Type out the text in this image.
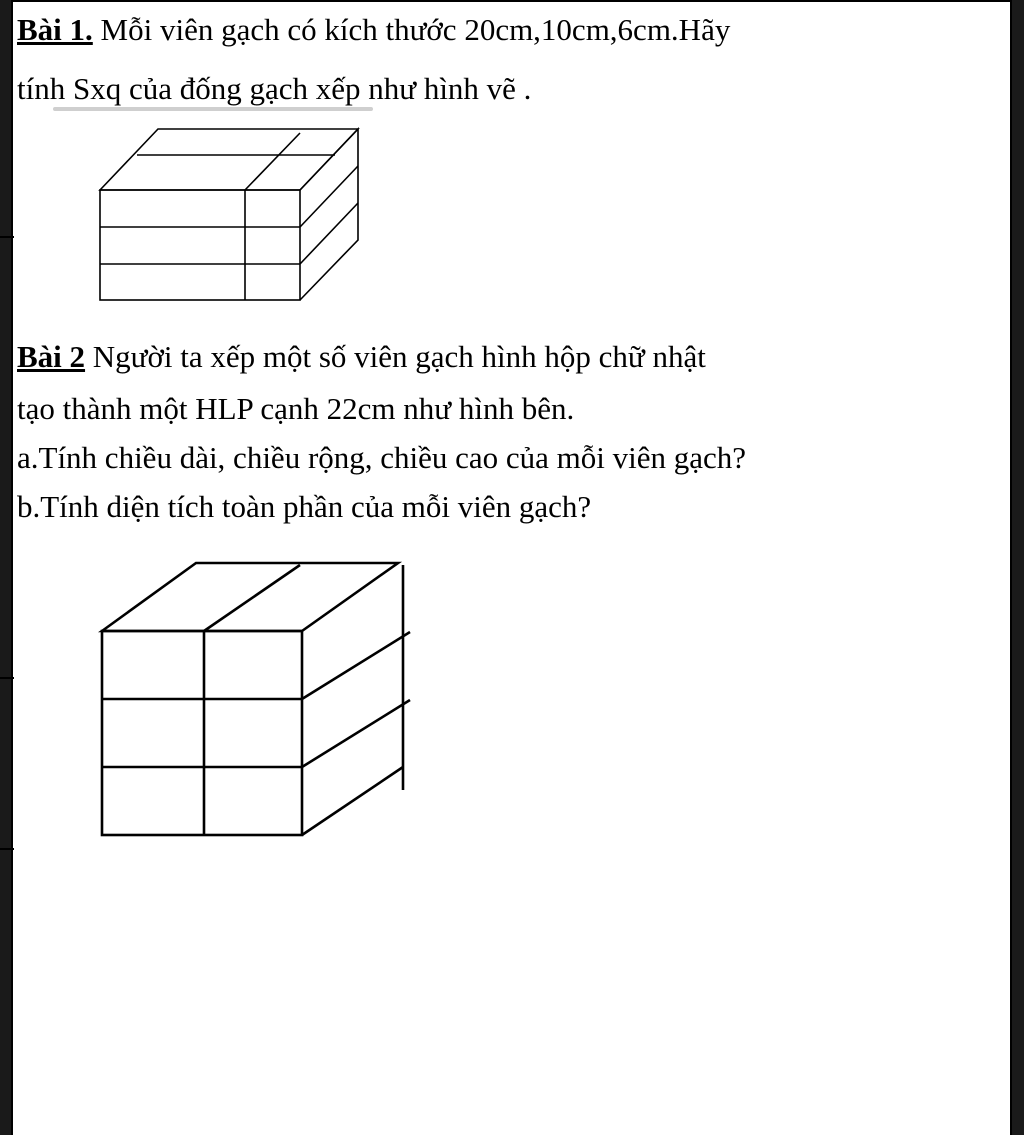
Bài 1. Mỗi viên gạch có kích thước 20cm,10cm,6cm.Hãy
tính Sxq của đống gạch xếp như hình vẽ .
Bài 2 Người ta xếp một số viên gạch hình hộp chữ nhật
tạo thành một HLP cạnh 22cm như hình bên.
a.Tính chiều dài, chiều rộng, chiều cao của mỗi viên gạch?
b.Tính diện tích toàn phần của mỗi viên gạch?
